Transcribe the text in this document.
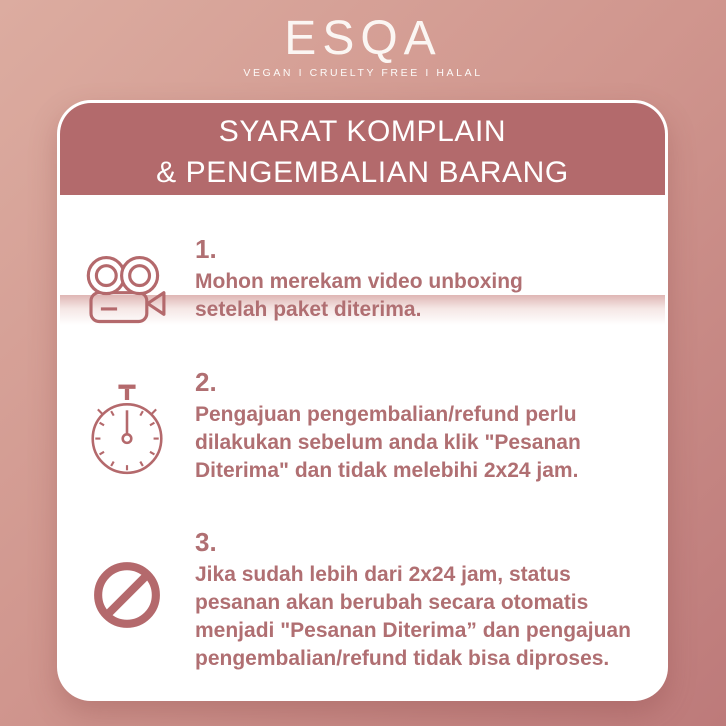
ESQA
VEGAN I CRUELTY FREE I HALAL
SYARAT KOMPLAIN
& PENGEMBALIAN BARANG
1.
Mohon merekam video unboxing
setelah paket diterima.
2.
Pengajuan pengembalian/refund perlu
dilakukan sebelum anda klik "Pesanan
Diterima" dan tidak melebihi 2x24 jam.
3.
Jika sudah lebih dari 2x24 jam, status
pesanan akan berubah secara otomatis
menjadi "Pesanan Diterima” dan pengajuan
pengembalian/refund tidak bisa diproses.
